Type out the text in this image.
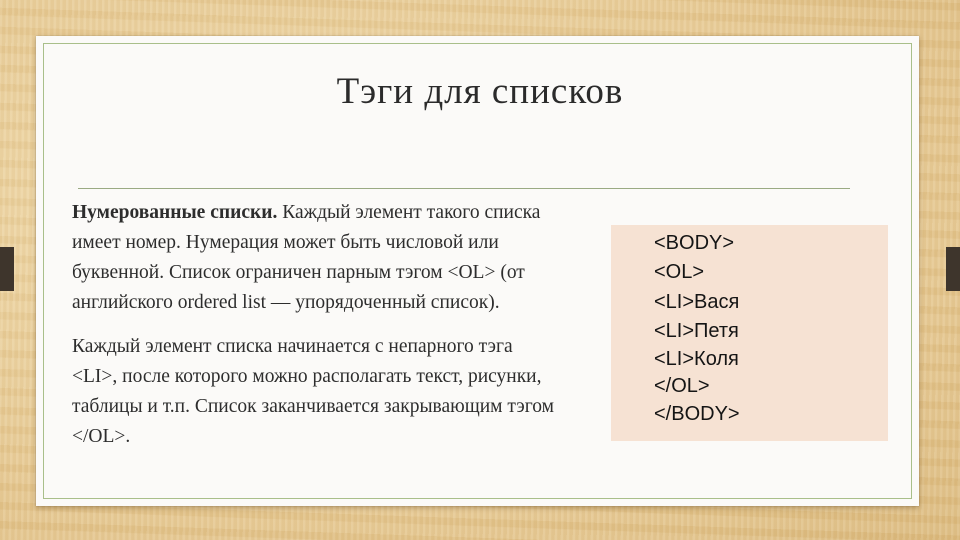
Тэги для списков

Нумерованные списки. Каждый элемент такого списка имеет номер. Нумерация может быть числовой или буквенной. Список ограничен парным тэгом <OL> (от английского ordered list — упорядоченный список).

Каждый элемент списка начинается с непарного тэга <LI>, после которого можно располагать текст, рисунки, таблицы и т.п. Список заканчивается закрывающим тэгом </OL>.

<BODY>
<OL>
<LI>Вася
<LI>Петя
<LI>Коля
</OL>
</BODY>
